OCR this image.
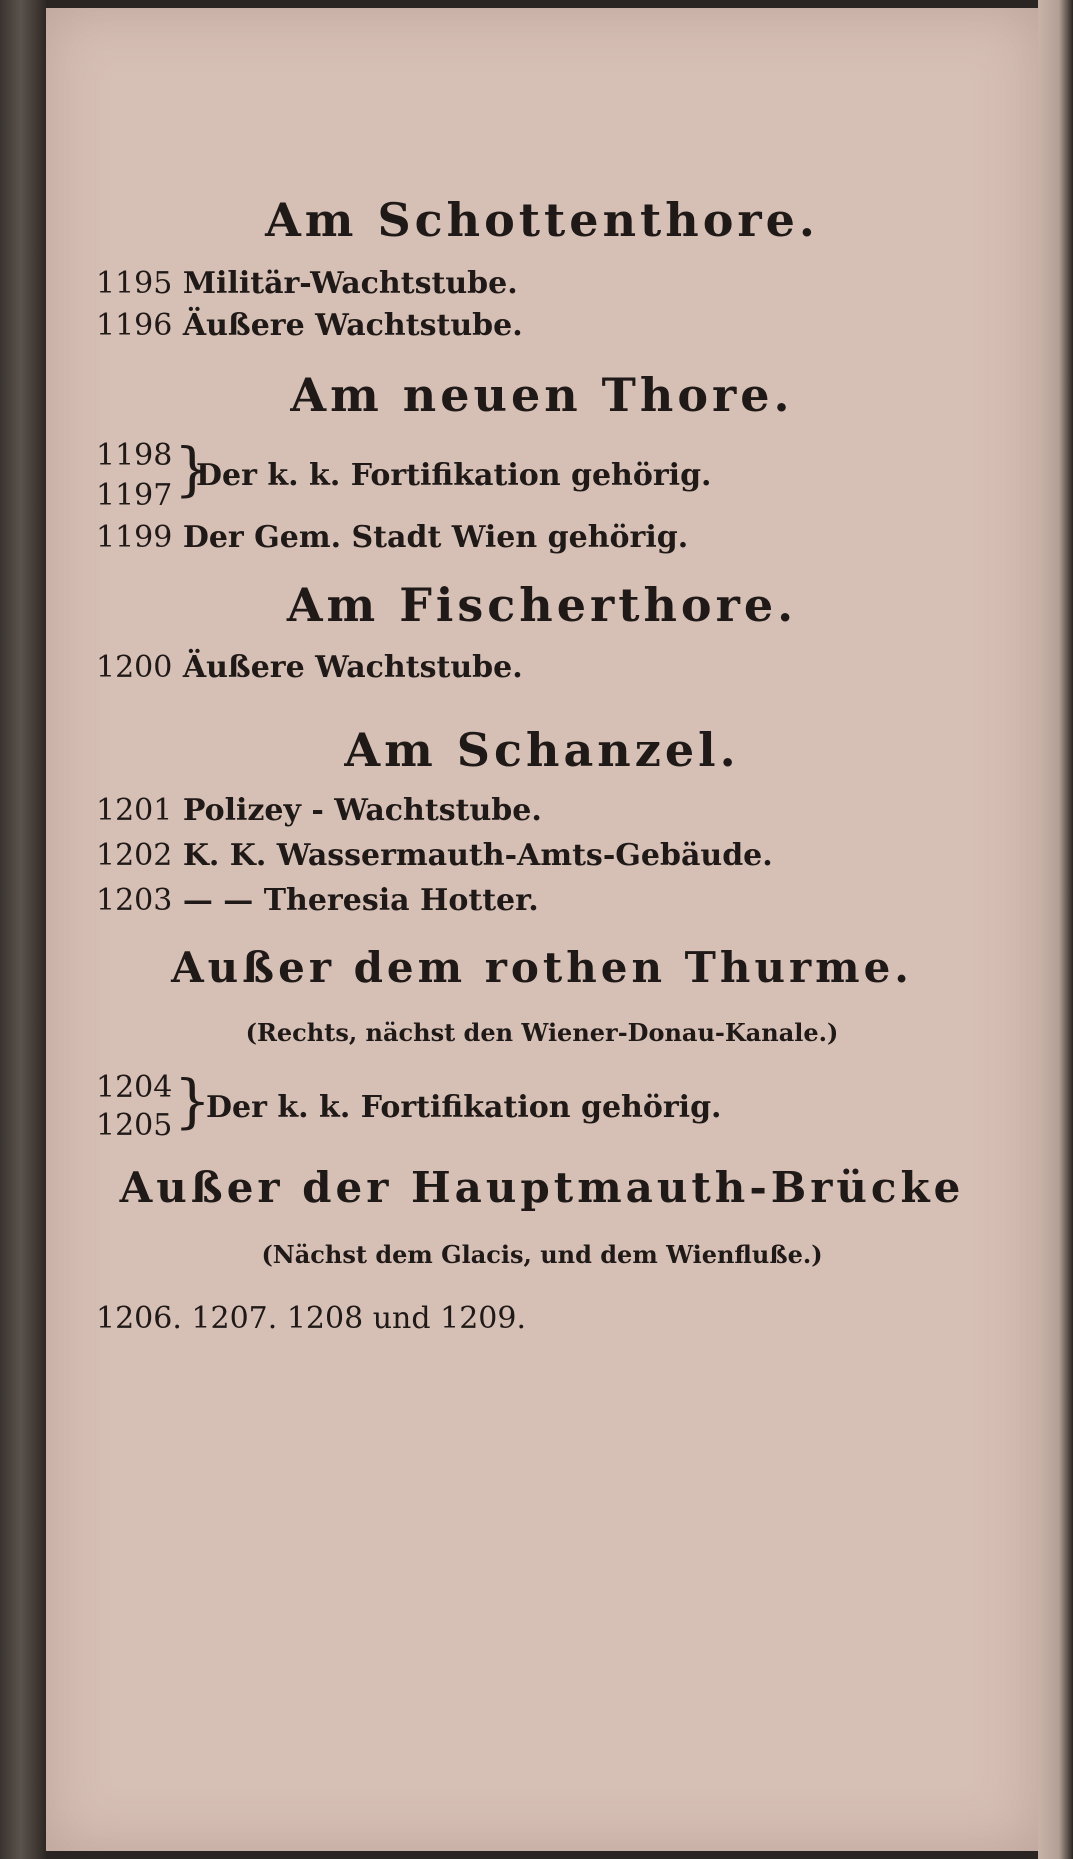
Am Schottenthore.
1195 Militär-Wachtstube.
1196 Äußere Wachtstube.
Am neuen Thore.
1198
1197 }
Der k. k. Fortifikation gehörig.
1199 Der Gem. Stadt Wien gehörig.
Am Fischerthore.
1200 Äußere Wachtstube.
Am Schanzel.
1201 Polizey - Wachtstube.
1202 K. K. Wassermauth-Amts-Gebäude.
1203 — — Theresia Hotter.
Außer dem rothen Thurme.
(Rechts, nächst den Wiener-Donau-Kanale.)
1204
1205 }
Der k. k. Fortifikation gehörig.
Außer der Hauptmauth-Brücke
(Nächst dem Glacis, und dem Wienfluße.)
1206. 1207. 1208 und 1209.
